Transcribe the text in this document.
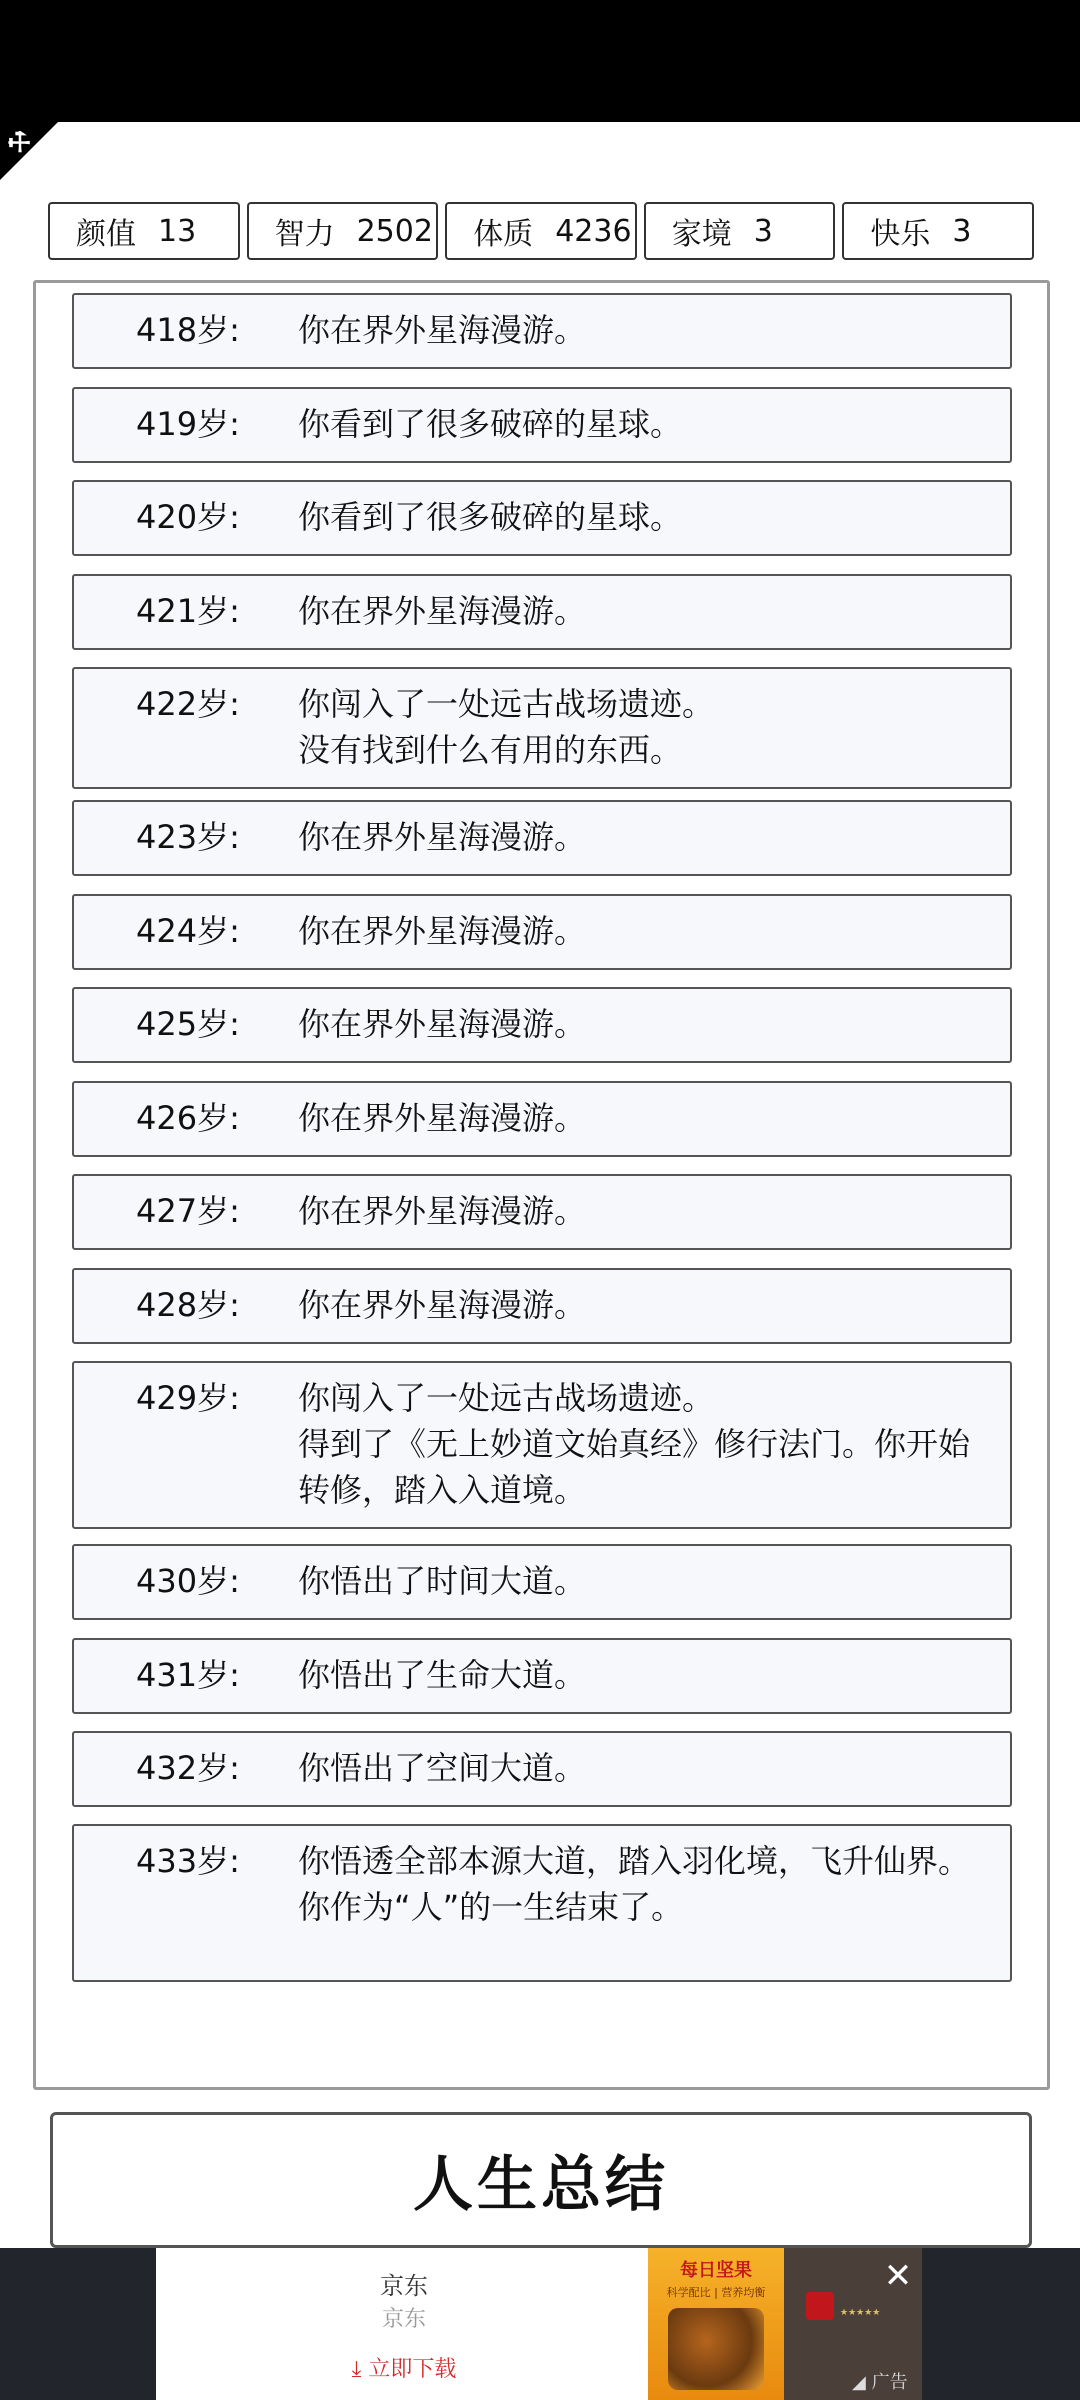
⚒
颜值 13	智力 2502 体质 4236 家境 3	快乐 3
418岁:	你在界外星海漫游。
419岁:	你看到了很多破碎的星球。
420岁:	你看到了很多破碎的星球。
421岁:	你在界外星海漫游。
422岁:	你闯入了一处远古战场遗迹。
没有找到什么有用的东西。
423岁:	你在界外星海漫游。
424岁:	你在界外星海漫游。
425岁:	你在界外星海漫游。
426岁:	你在界外星海漫游。
427岁:	你在界外星海漫游。
428岁:	你在界外星海漫游。
429岁:	你闯入了一处远古战场遗迹。
得到了《无上妙道文始真经》修行法门。你开始转修，踏入入道境。
430岁:	你悟出了时间大道。
431岁:	你悟出了生命大道。
432岁:	你悟出了空间大道。
433岁:	你悟透全部本源大道，踏入羽化境，飞升仙界。
你作为“人”的一生结束了。
人生总结
京东
京东
⤓ 立即下载
每日坚果
科学配比 | 营养均衡
★★★★★
✕
◢ 广告
